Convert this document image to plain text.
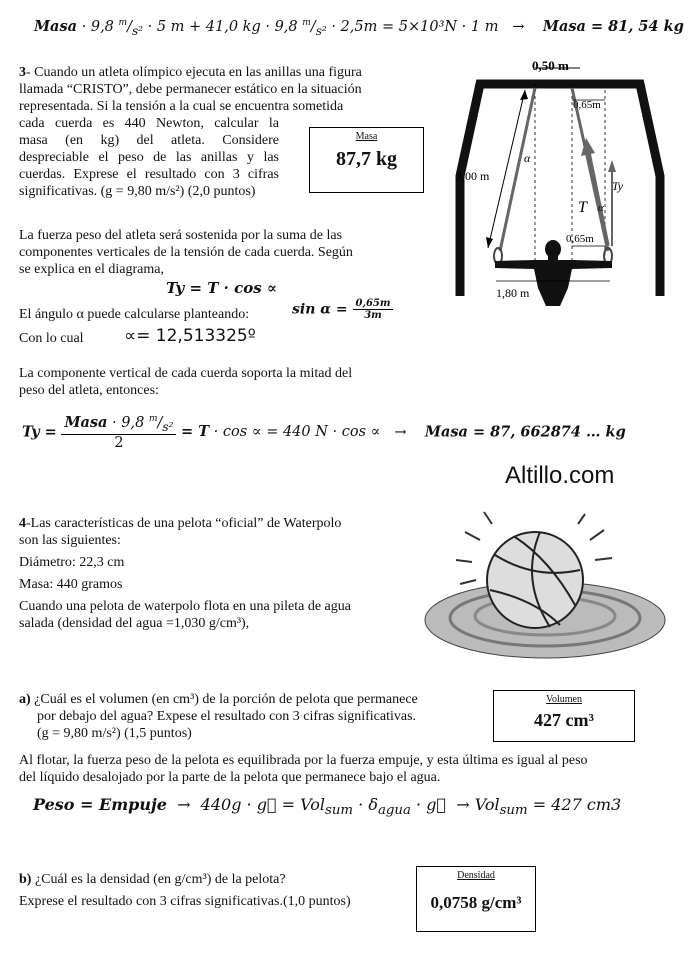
Masa · 9,8 $^m/_{s^2} \cdot 5$ m + 41,0 kg · 9,8 $^m/_{s^2} \cdot 2,5m = 5\times 10^3N \cdot 1$ m   →    Masa = 81, 54 kg
3- Cuando un atleta olímpico ejecuta en las anillas una figura
llamada “CRISTO”, debe permanecer estático en la situación
representada. Si la tensión a la cual se encuentra sometida
cada cuerda es 440 Newton, calcular la
masa (en kg) del atleta. Considere
despreciable el peso de las anillas y las
cuerdas. Exprese el resultado con 3 cifras
significativas. (g = 9,80 m/s²) (2,0 puntos)
Masa
87,7 kg
0,50 m
0,65m
3,00 m
α
T
Ty
α
0,65m
1,80 m
La fuerza peso del atleta será sostenida por la suma de las
componentes verticales de la tensión de cada cuerda. Según
se explica en el diagrama,
Ty = T · cos ∝
El ángulo α puede calcularse planteando:	$\sin \alpha = \frac{0,65m}{3m}$
Con lo cual ∝= 12,513325º
La componente vertical de cada cuerda soporta la mitad del
peso del atleta, entonces:
$Ty = \frac{Masa \cdot 9,8 ^m/_{s^2}}{2} = T \cdot \cos$ ∝ = 440 N · cos ∝ → Masa = 87, 662874 … kg
Altillo.com
4-Las características de una pelota “oficial” de Waterpolo
son las siguientes:
Diámetro: 22,3 cm
Masa: 440 gramos
Cuando una pelota de waterpolo flota en una pileta de agua
salada (densidad del agua =1,030 g/cm³),
a) ¿Cuál es el volumen (en cm³) de la porción de pelota que permanece
por debajo del agua? Expese el resultado con 3 cifras significativas.
(g = 9,80 m/s²) (1,5 puntos)
Volumen
427 cm³
Al flotar, la fuerza peso de la pelota es equilibrada por la fuerza empuje, y esta última es igual al peso
del líquido desalojado por la parte de la pelota que permanece bajo el agua.
Peso = Empuje  →  440g · g⃗ = $Vol_{sum} \cdot \delta_{agua}$ · g⃗  → Vol$_{sum}$ = 427 cm3
b) ¿Cuál es la densidad (en g/cm³) de la pelota?
Exprese el resultado con 3 cifras significativas.(1,0 puntos)
Densidad
0,0758 g/cm³
